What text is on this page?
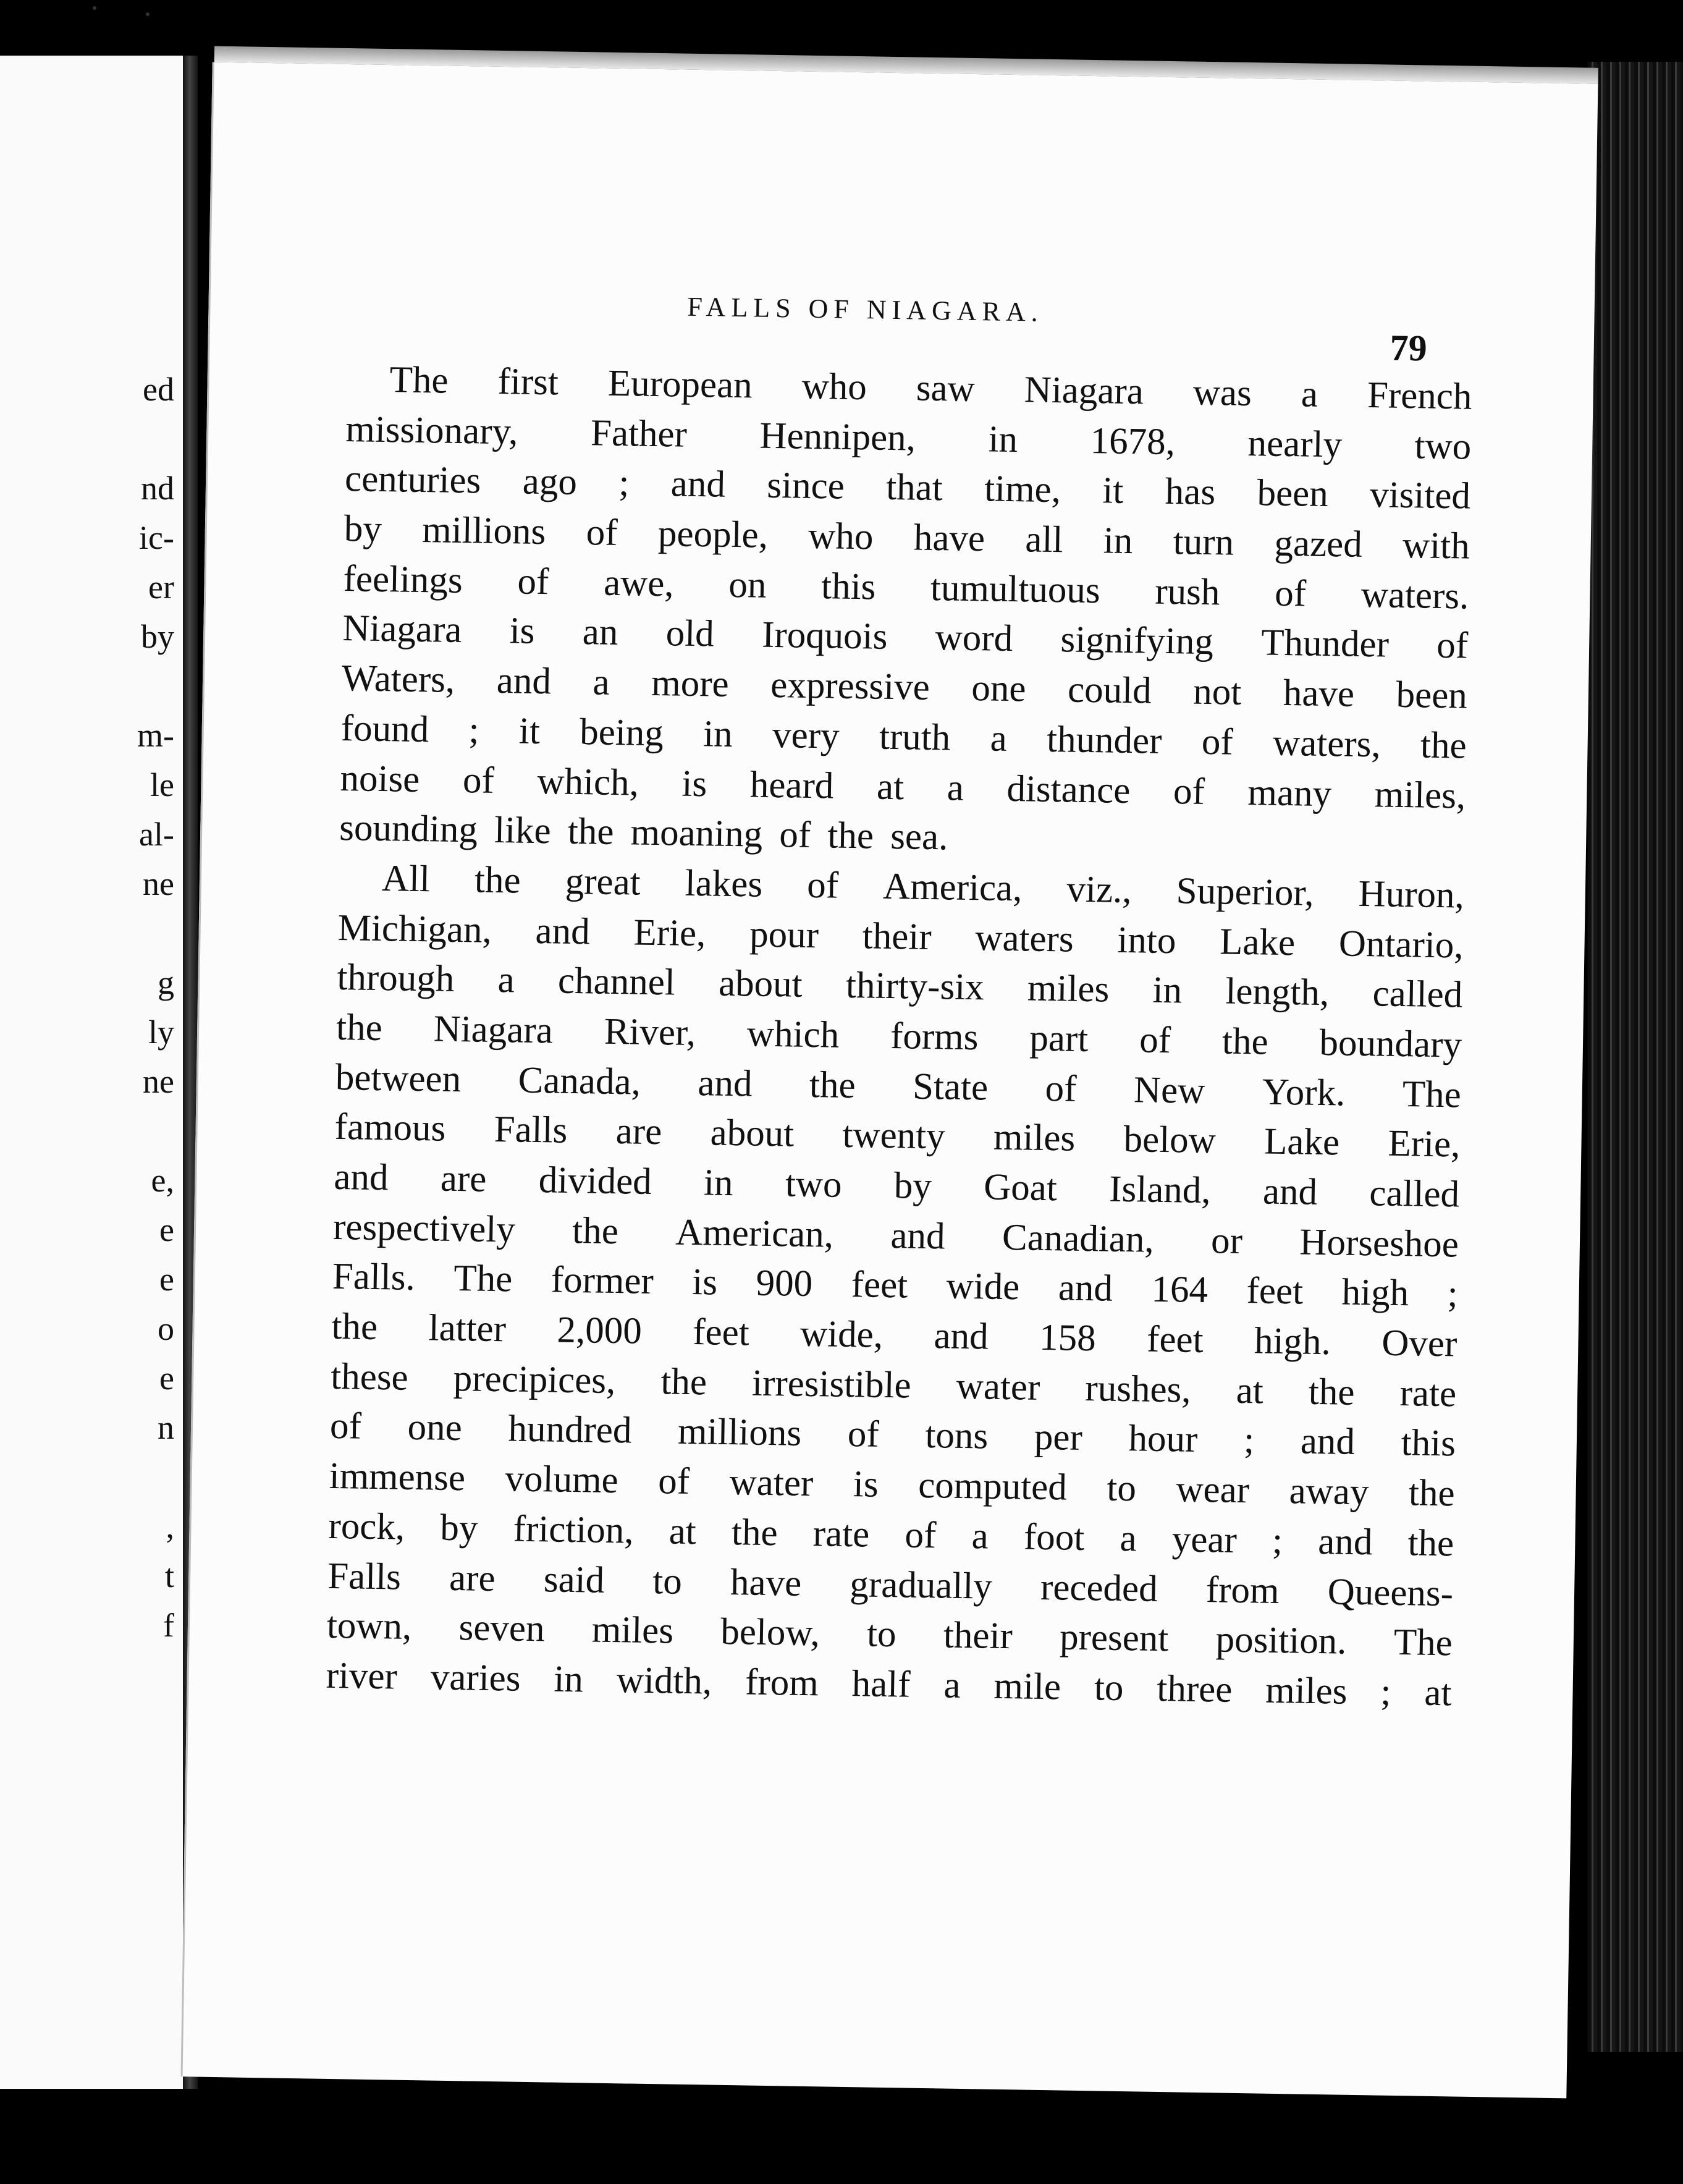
ed
nd
ic-
er
by
m-
le
al-
ne
g
ly
ne
e,
e
e
o
e
n
,
t
f
FALLS OF NIAGARA.
79
The first European who saw Niagara was a French
missionary, Father Hennipen, in 1678, nearly two
centuries ago ; and since that time, it has been visited
by millions of people, who have all in turn gazed with
feelings of awe, on this tumultuous rush of waters.
Niagara is an old Iroquois word signifying Thunder of
Waters, and a more expressive one could not have been
found ; it being in very truth a thunder of waters, the
noise of which, is heard at a distance of many miles,
sounding
like
the
moaning
of
the
sea.
All the great lakes of America, viz., Superior, Huron,
Michigan, and Erie, pour their waters into Lake Ontario,
through a channel about thirty-six miles in length, called
the Niagara River, which forms part of the boundary
between Canada, and the State of New York. The
famous Falls are about twenty miles below Lake Erie,
and are divided in two by Goat Island, and called
respectively the American, and Canadian, or Horseshoe
Falls. The former is 900 feet wide and 164 feet high ;
the latter 2,000 feet wide, and 158 feet high. Over
these precipices, the irresistible water rushes, at the rate
of one hundred millions of tons per hour ; and this
immense volume of water is computed to wear away the
rock, by friction, at the rate of a foot a year ; and the
Falls are said to have gradually receded from Queens-
town, seven miles below, to their present position. The
river varies in width, from half a mile to three miles ; at
